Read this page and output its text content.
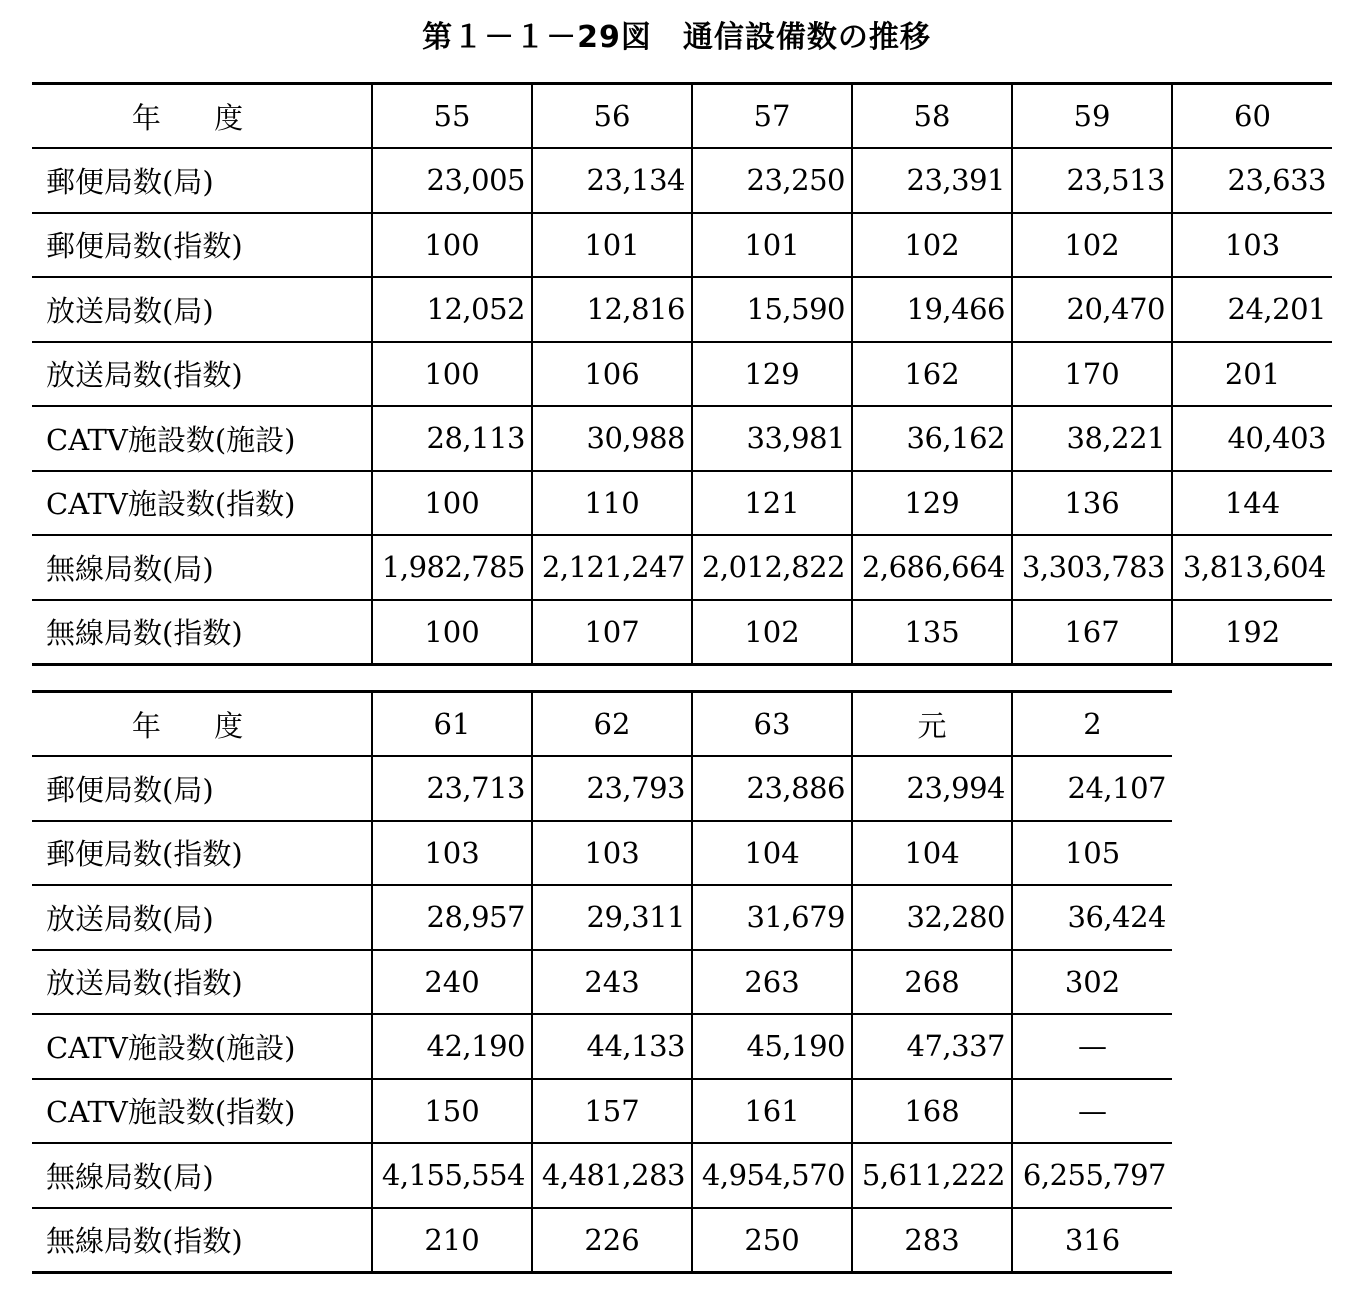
第１－１－29図　通信設備数の推移
年 度	55	56	57	58	59	60
郵便局数(局)	23,005	23,134	23,250	23,391	23,513	23,633
郵便局数(指数)	100	101	101	102	102	103
放送局数(局)	12,052	12,816	15,590	19,466	20,470	24,201
放送局数(指数)	100	106	129	162	170	201
CATV施設数(施設)	28,113	30,988	33,981	36,162	38,221	40,403
CATV施設数(指数)	100	110	121	129	136	144
無線局数(局)	1,982,785	2,121,247	2,012,822	2,686,664	3,303,783	3,813,604
無線局数(指数)	100	107	102	135	167	192
年 度	61	62	63	元	2
郵便局数(局)	23,713	23,793	23,886	23,994	24,107
郵便局数(指数)	103	103	104	104	105
放送局数(局)	28,957	29,311	31,679	32,280	36,424
放送局数(指数)	240	243	263	268	302
CATV施設数(施設)	42,190	44,133	45,190	47,337	—
CATV施設数(指数)	150	157	161	168	—
無線局数(局)	4,155,554	4,481,283	4,954,570	5,611,222	6,255,797
無線局数(指数)	210	226	250	283	316
